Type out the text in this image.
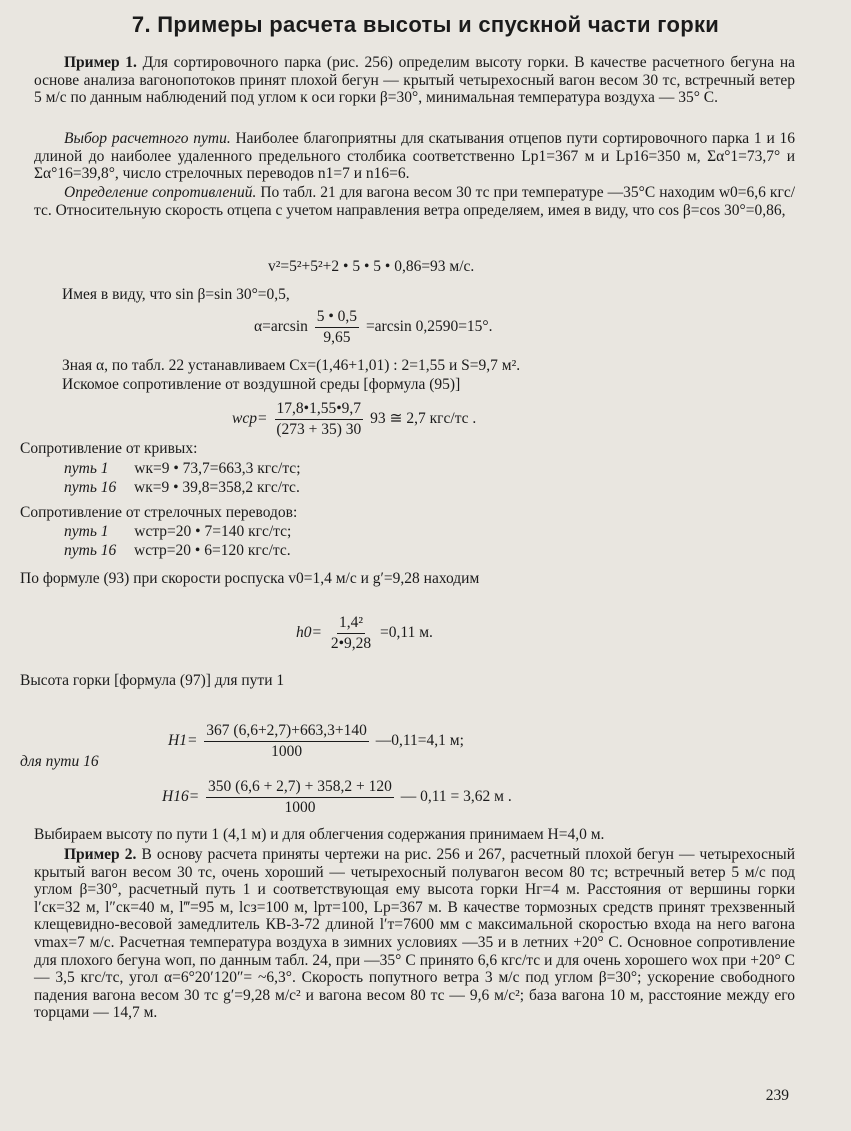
7. Примеры расчета высоты и спускной части горки
Пример 1. Для сортировочного парка (рис. 256) определим высоту горки. В качестве расчетного бегуна на основе анализа вагонопотоков принят плохой бегун — крытый четырехосный вагон весом 30 тс, встречный ветер 5 м/с по данным наблюдений под углом к оси горки β=30°, минимальная температура воздуха — 35° C.
Выбор расчетного пути. Наиболее благоприятны для скатывания отцепов пути сортировочного парка 1 и 16 длиной до наиболее удаленного предельного столбика соответственно Lр1=367 м и Lр16=350 м, Σα°1=73,7° и Σα°16=39,8°, число стрелочных переводов n1=7 и n16=6.
Определение сопротивлений. По табл. 21 для вагона весом 30 тс при температуре —35°C находим w0=6,6 кгс/тс. Относительную скорость отцепа с учетом направления ветра определяем, имея в виду, что cos β=cos 30°=0,86,
v²=5²+5²+2 • 5 • 5 • 0,86=93 м/с.
Имея в виду, что sin β=sin 30°=0,5,
$\alpha=\arcsin \frac{5 • 0,5}{9,65} =\arcsin$ 0,2590=15°.
Зная α, по табл. 22 устанавливаем Cx=(1,46+1,01) : 2=1,55 и S=9,7 м².
Искомое сопротивление от воздушной среды [формула (95)]
$wср= \frac{17,8•1,55•9,7}{(273 + 35) 30} 93$ ≅ 2,7 кгс/тс .
Сопротивление от кривых:
путь 1 wк=9 • 73,7=663,3 кгс/тс;
путь 16 wк=9 • 39,8=358,2 кгс/тс.
Сопротивление от стрелочных переводов:
путь 1 wстр=20 • 7=140 кгс/тс;
путь 16 wстр=20 • 6=120 кгс/тс.
По формуле (93) при скорости роспуска v0=1,4 м/с и g′=9,28 находим
$h0= \frac{\text{1,4²}}{2•9,28} =0,11$ м.
Высота горки [формула (97)] для пути 1
$H1= \frac{367 (6,6+2,7)+663,3+140}{1000}$ —0,11=4,1 м;
для пути 16
$H16= \frac{350 (6,6 + 2,7) + 358,2 + 120}{1000}$ — 0,11 = 3,62 м .
Выбираем высоту по пути 1 (4,1 м) и для облегчения содержания принимаем H=4,0 м.
Пример 2. В основу расчета приняты чертежи на рис. 256 и 267, расчетный плохой бегун — четырехосный крытый вагон весом 30 тс, очень хороший — четырехосный полувагон весом 80 тс; встречный ветер 5 м/с под углом β=30°, расчетный путь 1 и соответствующая ему высота горки Hг=4 м. Расстояния от вершины горки l′ск=32 м, l″ск=40 м, l‴=95 м, lсз=100 м, lрт=100, Lр=367 м. В качестве тормозных средств принят трехзвенный клещевидно-весовой замедлитель КВ-3-72 длиной l′т=7600 мм с максимальной скоростью входа на него вагона vmax=7 м/с. Расчетная температура воздуха в зимних условиях —35 и в летних +20° C. Основное сопротивление для плохого бегуна wоп, по данным табл. 24, при —35° C принято 6,6 кгс/тс и для очень хорошего wох при +20° C — 3,5 кгс/тс, угол α=6°20′120″= ~6,3°. Скорость попутного ветра 3 м/с под углом β=30°; ускорение свободного падения вагона весом 30 тс g′=9,28 м/с² и вагона весом 80 тс — 9,6 м/с²; база вагона 10 м, расстояние между его торцами — 14,7 м.
239
